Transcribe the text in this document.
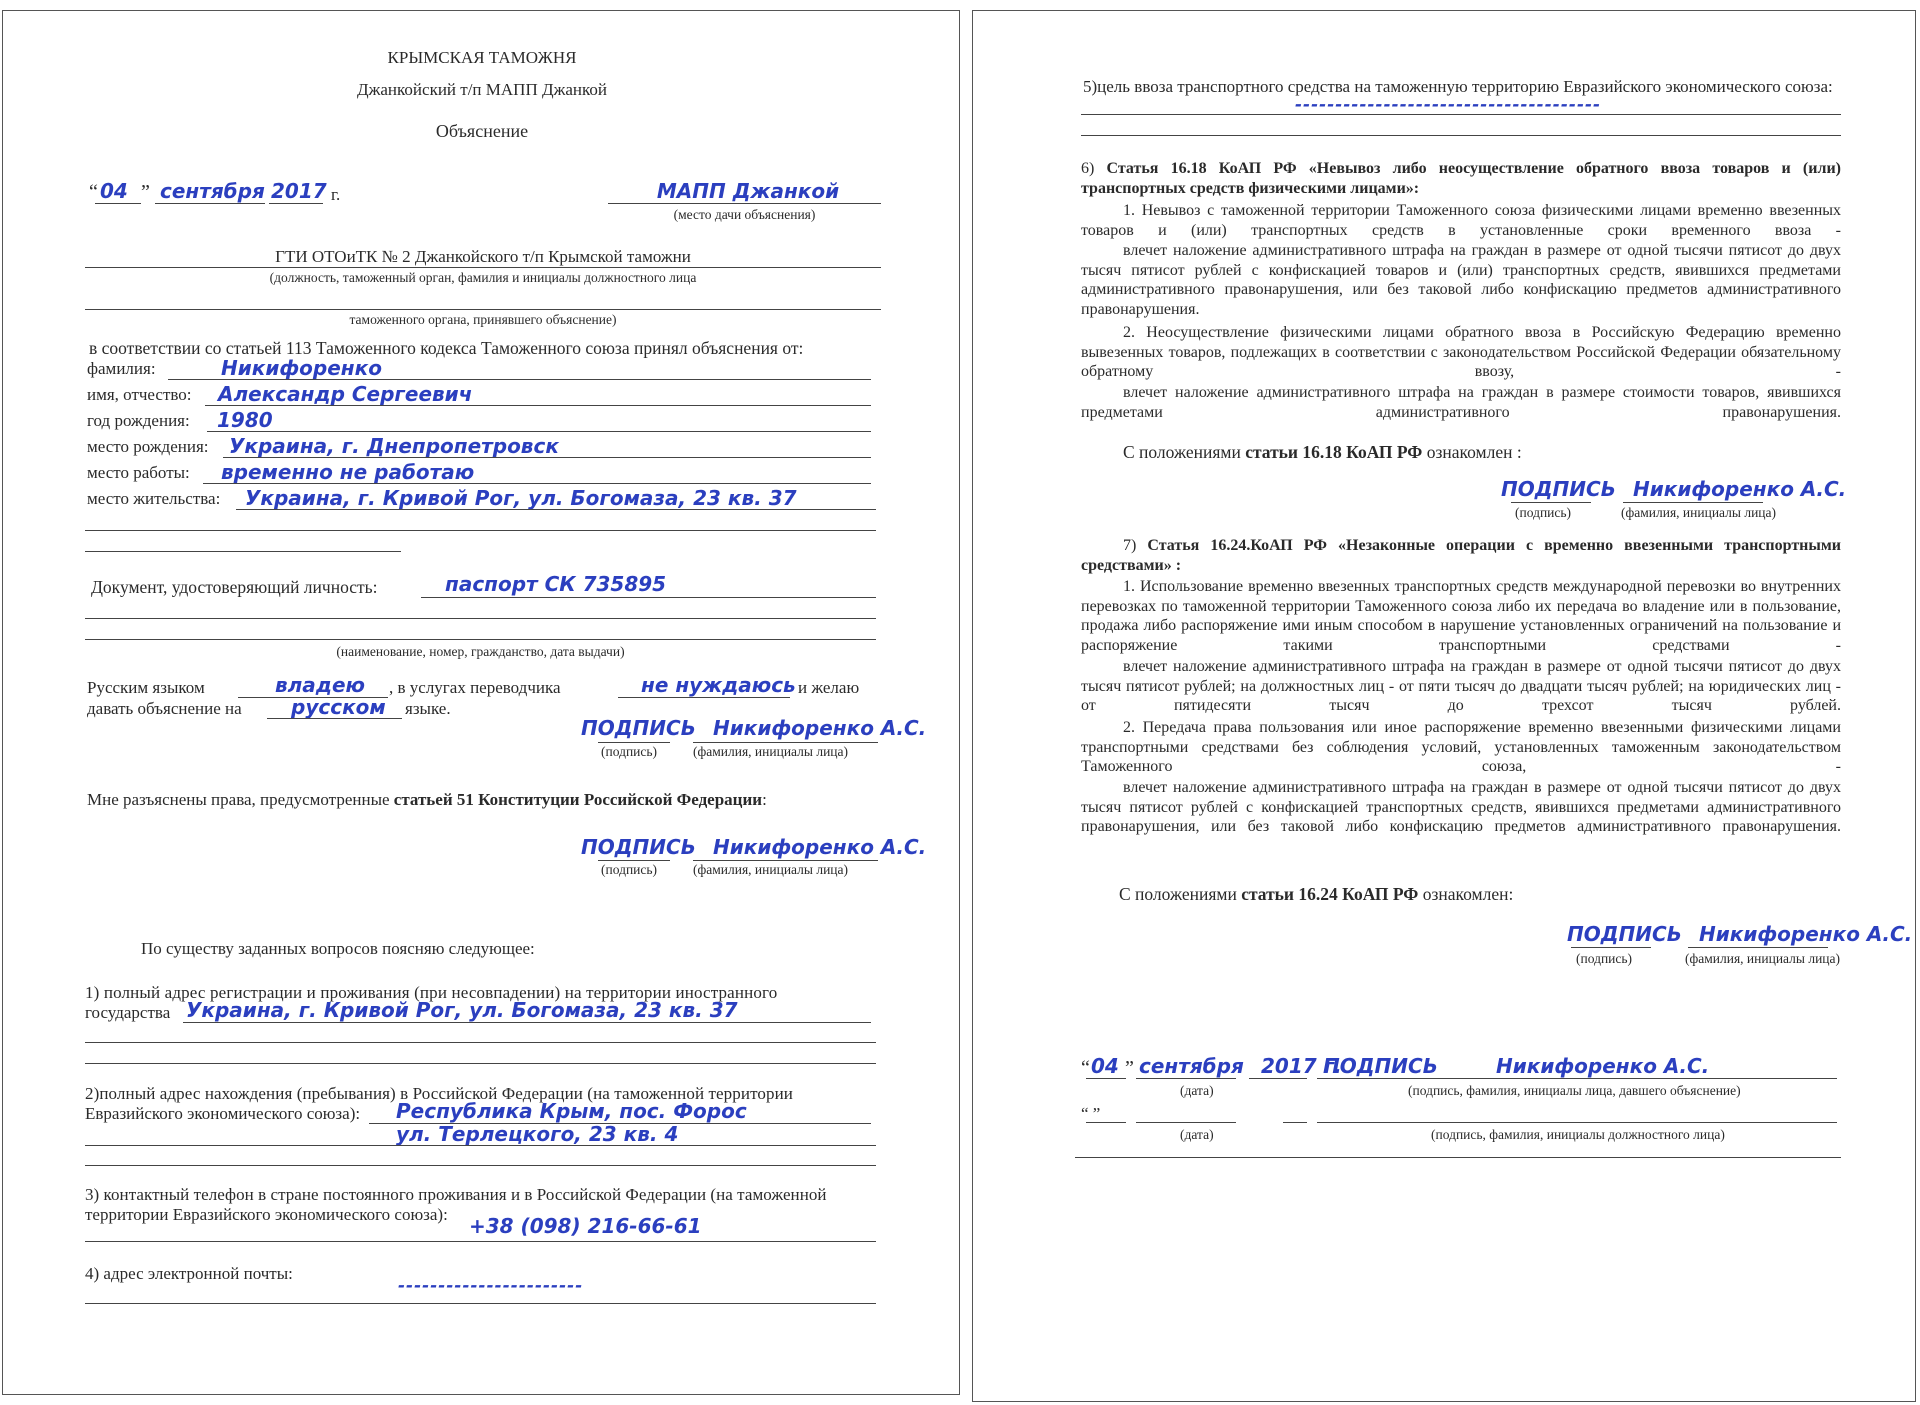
КРЫМСКАЯ ТАМОЖНЯ
Джанкойский т/п МАПП Джанкой
Объяснение
“ 04 ” сентября 2017 г.	МАПП Джанкой
(место дачи объяснения)
ГТИ ОТОиТК № 2 Джанкойского т/п Крымской таможни
(должность, таможенный орган, фамилия и инициалы должностного лица
таможенного органа, принявшего объяснение)
в соответствии со статьей 113 Таможенного кодекса Таможенного союза принял объяснения от:
фамилия:	Никифоренко
имя, отчество: Александр Сергеевич
год рождения: 1980
место рождения: Украина, г. Днепропетровск
место работы: временно не работаю
место жительства: Украина, г. Кривой Рог, ул. Богомаза, 23 кв. 37
Документ, удостоверяющий личность:	паспорт СК 735895
(наименование, номер, гражданство, дата выдачи)
Русским языком	владею , в услугах переводчика	не нуждаюсь и желаю
давать объяснение на русском языке.
ПОДПИСЬ Никифоренко А.С.
(подпись)	(фамилия, инициалы лица)
Мне разъяснены права, предусмотренные статьей 51 Конституции Российской Федерации:
ПОДПИСЬ Никифоренко А.С.
(подпись)	(фамилия, инициалы лица)
По существу заданных вопросов поясняю следующее:
1) полный адрес регистрации и проживания (при несовпадении) на территории иностранного
государства Украина, г. Кривой Рог, ул. Богомаза, 23 кв. 37
2)полный адрес нахождения (пребывания) в Российской Федерации (на таможенной территории
Евразийского экономического союза): Республика Крым, пос. Форос
ул. Терлецкого, 23 кв. 4
3) контактный телефон в стране постоянного проживания и в Российской Федерации (на таможенной
территории Евразийского экономического союза): +38 (098) 216-66-61
4) адрес электронной почты:
-----------------------
5)цель ввоза транспортного средства на таможенную территорию Евразийского экономического союза:
--------------------------------------
6) Статья 16.18 КоАП РФ «Невывоз либо неосуществление обратного ввоза товаров и (или) транспортных средств физическими лицами»:
1. Невывоз с таможенной территории Таможенного союза физическими лицами временно ввезенных товаров и (или) транспортных средств в установленные сроки временного ввоза -
влечет наложение административного штрафа на граждан в размере от одной тысячи пятисот до двух тысяч пятисот рублей с конфискацией товаров и (или) транспортных средств, явившихся предметами административного правонарушения, или без таковой либо конфискацию предметов административного правонарушения.
2. Неосуществление физическими лицами обратного ввоза в Российскую Федерацию временно вывезенных товаров, подлежащих в соответствии с законодательством Российской Федерации обязательному обратному ввозу, -
влечет наложение административного штрафа на граждан в размере стоимости товаров, явившихся предметами административного правонарушения.
С положениями статьи 16.18 КоАП РФ ознакомлен :
ПОДПИСЬ Никифоренко А.С.
(подпись)	(фамилия, инициалы лица)
7) Статья 16.24.КоАП РФ «Незаконные операции с временно ввезенными транспортными средствами» :
1. Использование временно ввезенных транспортных средств международной перевозки во внутренних перевозках по таможенной территории Таможенного союза либо их передача во владение или в пользование, продажа либо распоряжение ими иным способом в нарушение установленных ограничений на пользование и распоряжение такими транспортными средствами -
влечет наложение административного штрафа на граждан в размере от одной тысячи пятисот до двух тысяч пятисот рублей; на должностных лиц - от пяти тысяч до двадцати тысяч рублей; на юридических лиц - от пятидесяти тысяч до трехсот тысяч рублей.
2. Передача права пользования или иное распоряжение временно ввезенными физическими лицами транспортными средствами без соблюдения условий, установленных таможенным законодательством Таможенного союза, -
влечет наложение административного штрафа на граждан в размере от одной тысячи пятисот до двух тысяч пятисот рублей с конфискацией транспортных средств, явившихся предметами административного правонарушения, или без таковой либо конфискацию предметов административного правонарушения.
С положениями статьи 16.24 КоАП РФ ознакомлен:
ПОДПИСЬ Никифоренко А.С.
(подпись)	(фамилия, инициалы лица)
“ 04 ” сентября 2017 г.
ПОДПИСЬ	Никифоренко А.С.
(дата)	(подпись, фамилия, инициалы лица, давшего объяснение)
“ ”
(дата)	(подпись, фамилия, инициалы должностного лица)
